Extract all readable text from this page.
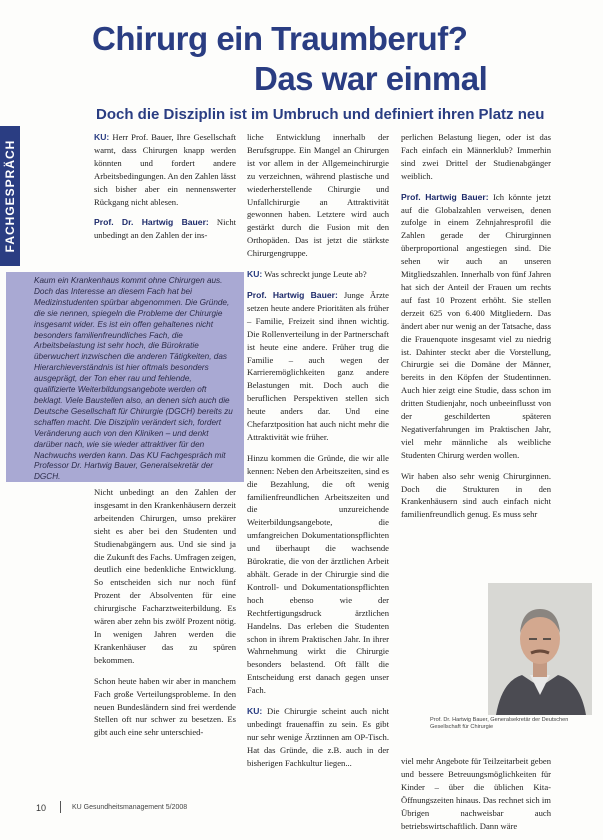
Chirurg ein Traumberuf?
Das war einmal
Doch die Disziplin ist im Umbruch und definiert ihren Platz neu
FACHGESPRÄCH

KU: Herr Prof. Bauer, Ihre Gesellschaft warnt, dass Chirurgen knapp werden könnten und fordert andere Arbeitsbedingungen. An den Zahlen lässt sich bisher aber ein nennenswerter Rückgang nicht ablesen.

Prof. Dr. Hartwig Bauer: Nicht unbedingt an den Zahlen der ins-

Kaum ein Krankenhaus kommt ohne Chirurgen aus. Doch das Interesse an diesem Fach hat bei Medizinstudenten spürbar abgenommen. Die Gründe, die sie nennen, spiegeln die Probleme der Chirurgie insgesamt wider. Es ist ein offen gehaltenes nicht besonders familienfreundliches Fach, die Arbeitsbelastung ist sehr hoch, die Bürokratie überwuchert inzwischen die anderen Tätigkeiten, das Hierarchieverständnis ist hier oftmals besonders ausgeprägt, der Ton eher rau und fehlende, qualifizierte Weiterbildungsangebote werden oft beklagt. Viele Baustellen also, an denen sich auch die Deutsche Gesellschaft für Chirurgie (DGCH) bereits zu schaffen macht. Die Disziplin verändert sich, fordert Veränderung auch von den Kliniken – und denkt darüber nach, wie sie wieder attraktiver für den Nachwuchs werden kann. Das KU Fachgespräch mit Professor Dr. Hartwig Bauer, Generalsekretär der DGCH.

Nicht unbedingt an den Zahlen der insgesamt in den Krankenhäusern derzeit arbeitenden Chirurgen, umso prekärer sieht es aber bei den Studenten und Studienabgängern aus. Und sie sind ja die Zukunft des Fachs. Umfragen zeigen, deutlich eine bedenkliche Entwicklung. So entscheiden sich nur noch fünf Prozent der Absolventen für eine chirurgische Facharztweiterbildung. Es wären aber zehn bis zwölf Prozent nötig. In wenigen Jahren werden die Krankenhäuser das zu spüren bekommen.

Schon heute haben wir aber in manchem Fach große Verteilungsprobleme. In den neuen Bundesländern sind frei werdende Stellen oft nur schwer zu besetzen. Es gibt auch eine sehr unterschied-

liche Entwicklung innerhalb der Berufsgruppe. Ein Mangel an Chirurgen ist vor allem in der Allgemeinchirurgie zu verzeichnen, während plastische und wiederherstellende Chirurgie und Unfallchirurgie an Attraktivität gewonnen haben. Letztere wird auch gestärkt durch die Fusion mit den Orthopäden. Das ist jetzt die stärkste Chirurgengruppe.

KU: Was schreckt junge Leute ab?

Prof. Hartwig Bauer: Junge Ärzte setzen heute andere Prioritäten als früher – Familie, Freizeit sind ihnen wichtig. Die Rollenverteilung in der Partnerschaft ist heute eine andere. Früher trug die Familie – auch wegen der Karrieremöglichkeiten ganz andere Belastungen mit. Doch auch die beruflichen Perspektiven stellen sich heute anders dar. Und eine Chefarztposition hat auch nicht mehr die Attraktivität wie früher.

Hinzu kommen die Gründe, die wir alle kennen: Neben den Arbeitszeiten, sind es die Bezahlung, die oft wenig familienfreundlichen Arbeitszeiten und die unzureichende Weiterbildungsangebote, die umfangreichen Dokumentationspflichten und überhaupt die wachsende Bürokratie, die von der ärztlichen Arbeit abhält. Gerade in der Chirurgie sind die Kontroll- und Dokumentationspflichten hoch ebenso wie der Rechtfertigungsdruck ärztlichen Handelns. Das erleben die Studenten schon in ihrem Praktischen Jahr. In ihrer Wahrnehmung wirkt die Chirurgie besonders belastend. Oft fällt die Entscheidung erst danach gegen unser Fach.

KU: Die Chirurgie scheint auch nicht unbedingt frauenaffin zu sein. Es gibt nur sehr wenige Ärztinnen am OP-Tisch. Hat das Gründe, die z.B. auch in der bisherigen Fachkultur liegen...

perlichen Belastung liegen, oder ist das Fach einfach ein Männerklub? Immerhin sind zwei Drittel der Studienabgänger weiblich.

Prof. Hartwig Bauer: Ich könnte jetzt auf die Globalzahlen verweisen, denen zufolge in einem Zehnjahresprofil die Zahlen gerade der Chirurginnen überproportional angestiegen sind. Die sehen wir auch an unseren Mitgliedszahlen. Innerhalb von fünf Jahren hat sich der Anteil der Frauen um rechts auf fast 10 Prozent erhöht. Sie stellen derzeit 625 von 6.400 Mitgliedern. Das ändert aber nur wenig an der Tatsache, dass die Frauenquote insgesamt viel zu niedrig ist. Dahinter steckt aber die Vorstellung, Chirurgie sei die Domäne der Männer, bereits in den Köpfen der Studentinnen. Auch hier zeigt eine Studie, dass schon im dritten Studienjahr, noch unbeeinflusst von der geschilderten späteren Negativerfahrungen im Praktischen Jahr, viel mehr männliche als weibliche Studenten Chirurg werden wollen.

Wir haben also sehr wenig Chirurginnen. Doch die Strukturen in den Krankenhäusern sind auch einfach nicht familienfreundlich genug. Es muss sehr

Prof. Dr. Hartwig Bauer, Generalsekretär der Deutschen Gesellschaft für Chirurgie

viel mehr Angebote für Teilzeitarbeit geben und bessere Betreuungsmöglichkeiten für Kinder – über die üblichen Kita-Öffnungszeiten hinaus. Das rechnet sich im Übrigen nachweisbar auch betriebswirtschaftlich. Dann wäre

10	KU Gesundheitsmanagement 5/2008
